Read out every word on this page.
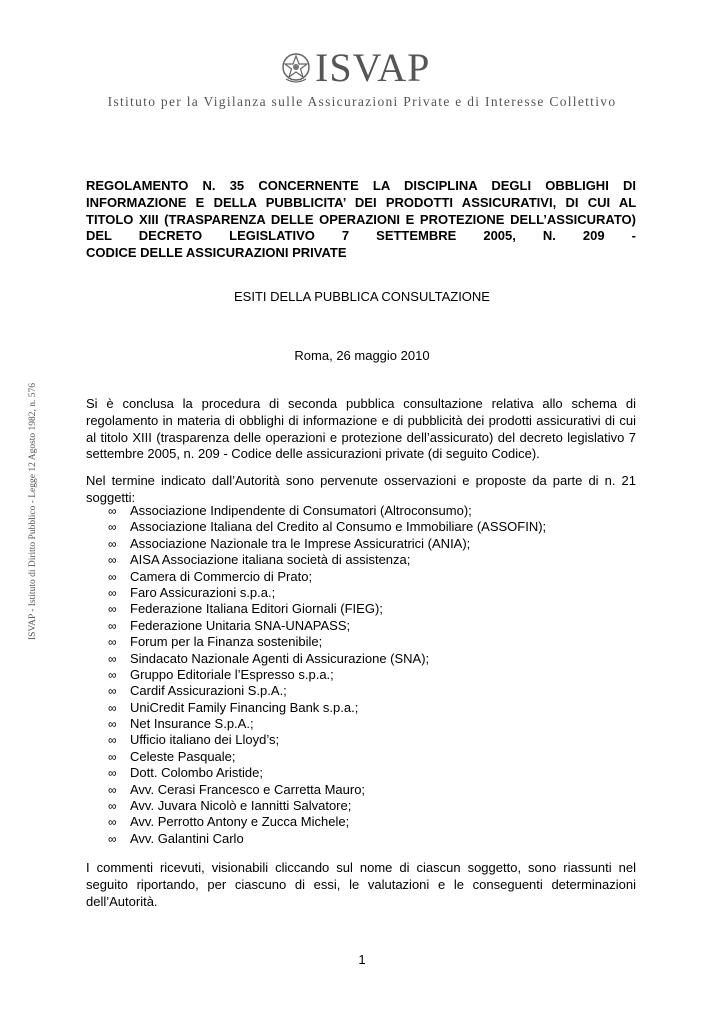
ISVAP
Istituto per la Vigilanza sulle Assicurazioni Private e di Interesse Collettivo
ISVAP - Istituto di Diritto Pubblico - Legge 12 Agosto 1982, n. 576

REGOLAMENTO N. 35 CONCERNENTE LA DISCIPLINA DEGLI OBBLIGHI DI INFORMAZIONE E DELLA PUBBLICITA’ DEI PRODOTTI ASSICURATIVI, DI CUI AL TITOLO XIII (TRASPARENZA DELLE OPERAZIONI E PROTEZIONE DELL’ASSICURATO) DEL DECRETO LEGISLATIVO 7 SETTEMBRE 2005, N. 209 -
CODICE DELLE ASSICURAZIONI PRIVATE

ESITI DELLA PUBBLICA CONSULTAZIONE
Roma, 26 maggio 2010

Si è conclusa la procedura di seconda pubblica consultazione relativa allo schema di regolamento in materia di obblighi di informazione e di pubblicità dei prodotti assicurativi di cui al titolo XIII (trasparenza delle operazioni e protezione dell’assicurato) del decreto legislativo 7 settembre 2005, n. 209 - Codice delle assicurazioni private (di seguito Codice).

Nel termine indicato dall’Autorità sono pervenute osservazioni e proposte da parte di n. 21 soggetti:

∞ Associazione Indipendente di Consumatori (Altroconsumo);
∞ Associazione Italiana del Credito al Consumo e Immobiliare (ASSOFIN);
∞ Associazione Nazionale tra le Imprese Assicuratrici (ANIA);
∞ AISA Associazione italiana società di assistenza;
∞ Camera di Commercio di Prato;
∞ Faro Assicurazioni s.p.a.;
∞ Federazione Italiana Editori Giornali (FIEG);
∞ Federazione Unitaria SNA-UNAPASS;
∞ Forum per la Finanza sostenibile;
∞ Sindacato Nazionale Agenti di Assicurazione (SNA);
∞ Gruppo Editoriale l’Espresso s.p.a.;
∞ Cardif Assicurazioni S.p.A.;
∞ UniCredit Family Financing Bank s.p.a.;
∞ Net Insurance S.p.A.;
∞ Ufficio italiano dei Lloyd’s;
∞ Celeste Pasquale;
∞ Dott. Colombo Aristide;
∞ Avv. Cerasi Francesco e Carretta Mauro;
∞ Avv. Juvara Nicolò e Iannitti Salvatore;
∞ Avv. Perrotto Antony e Zucca Michele;
∞ Avv. Galantini Carlo

I commenti ricevuti, visionabili cliccando sul nome di ciascun soggetto, sono riassunti nel seguito riportando, per ciascuno di essi, le valutazioni e le conseguenti determinazioni dell’Autorità.

1
